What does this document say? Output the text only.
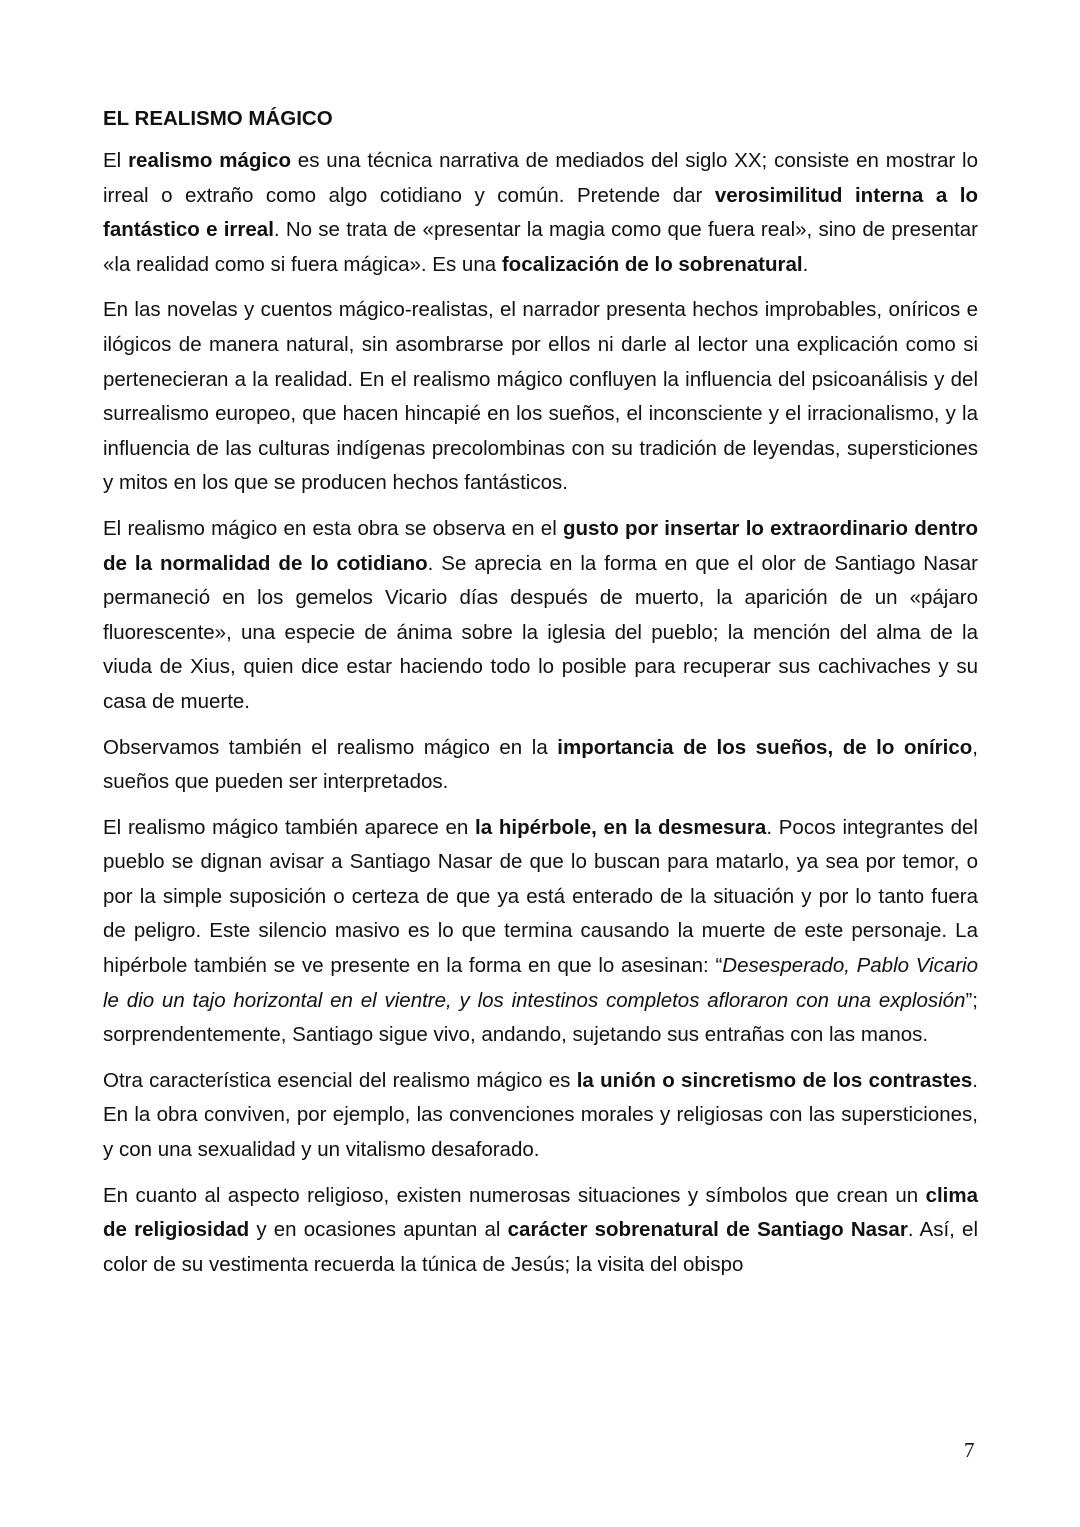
EL REALISMO MÁGICO

El realismo mágico es una técnica narrativa de mediados del siglo XX; consiste en mostrar lo irreal o extraño como algo cotidiano y común. Pretende dar verosimilitud interna a lo fantástico e irreal. No se trata de «presentar la magia como que fuera real», sino de presentar «la realidad como si fuera mágica». Es una focalización de lo sobrenatural.

En las novelas y cuentos mágico-realistas, el narrador presenta hechos improbables, oníricos e ilógicos de manera natural, sin asombrarse por ellos ni darle al lector una explicación como si pertenecieran a la realidad. En el realismo mágico confluyen la influencia del psicoanálisis y del surrealismo europeo, que hacen hincapié en los sueños, el inconsciente y el irracionalismo, y la influencia de las culturas indígenas precolombinas con su tradición de leyendas, supersticiones y mitos en los que se producen hechos fantásticos.

El realismo mágico en esta obra se observa en el gusto por insertar lo extraordinario dentro de la normalidad de lo cotidiano. Se aprecia en la forma en que el olor de Santiago Nasar permaneció en los gemelos Vicario días después de muerto, la aparición de un «pájaro fluorescente», una especie de ánima sobre la iglesia del pueblo; la mención del alma de la viuda de Xius, quien dice estar haciendo todo lo posible para recuperar sus cachivaches y su casa de muerte.

Observamos también el realismo mágico en la importancia de los sueños, de lo onírico, sueños que pueden ser interpretados.

El realismo mágico también aparece en la hipérbole, en la desmesura. Pocos integrantes del pueblo se dignan avisar a Santiago Nasar de que lo buscan para matarlo, ya sea por temor, o por la simple suposición o certeza de que ya está enterado de la situación y por lo tanto fuera de peligro. Este silencio masivo es lo que termina causando la muerte de este personaje. La hipérbole también se ve presente en la forma en que lo asesinan: “Desesperado, Pablo Vicario le dio un tajo horizontal en el vientre, y los intestinos completos afloraron con una explosión”; sorprendentemente, Santiago sigue vivo, andando, sujetando sus entrañas con las manos.

Otra característica esencial del realismo mágico es la unión o sincretismo de los contrastes. En la obra conviven, por ejemplo, las convenciones morales y religiosas con las supersticiones, y con una sexualidad y un vitalismo desaforado.

En cuanto al aspecto religioso, existen numerosas situaciones y símbolos que crean un clima de religiosidad y en ocasiones apuntan al carácter sobrenatural de Santiago Nasar. Así, el color de su vestimenta recuerda la túnica de Jesús; la visita del obispo

7
